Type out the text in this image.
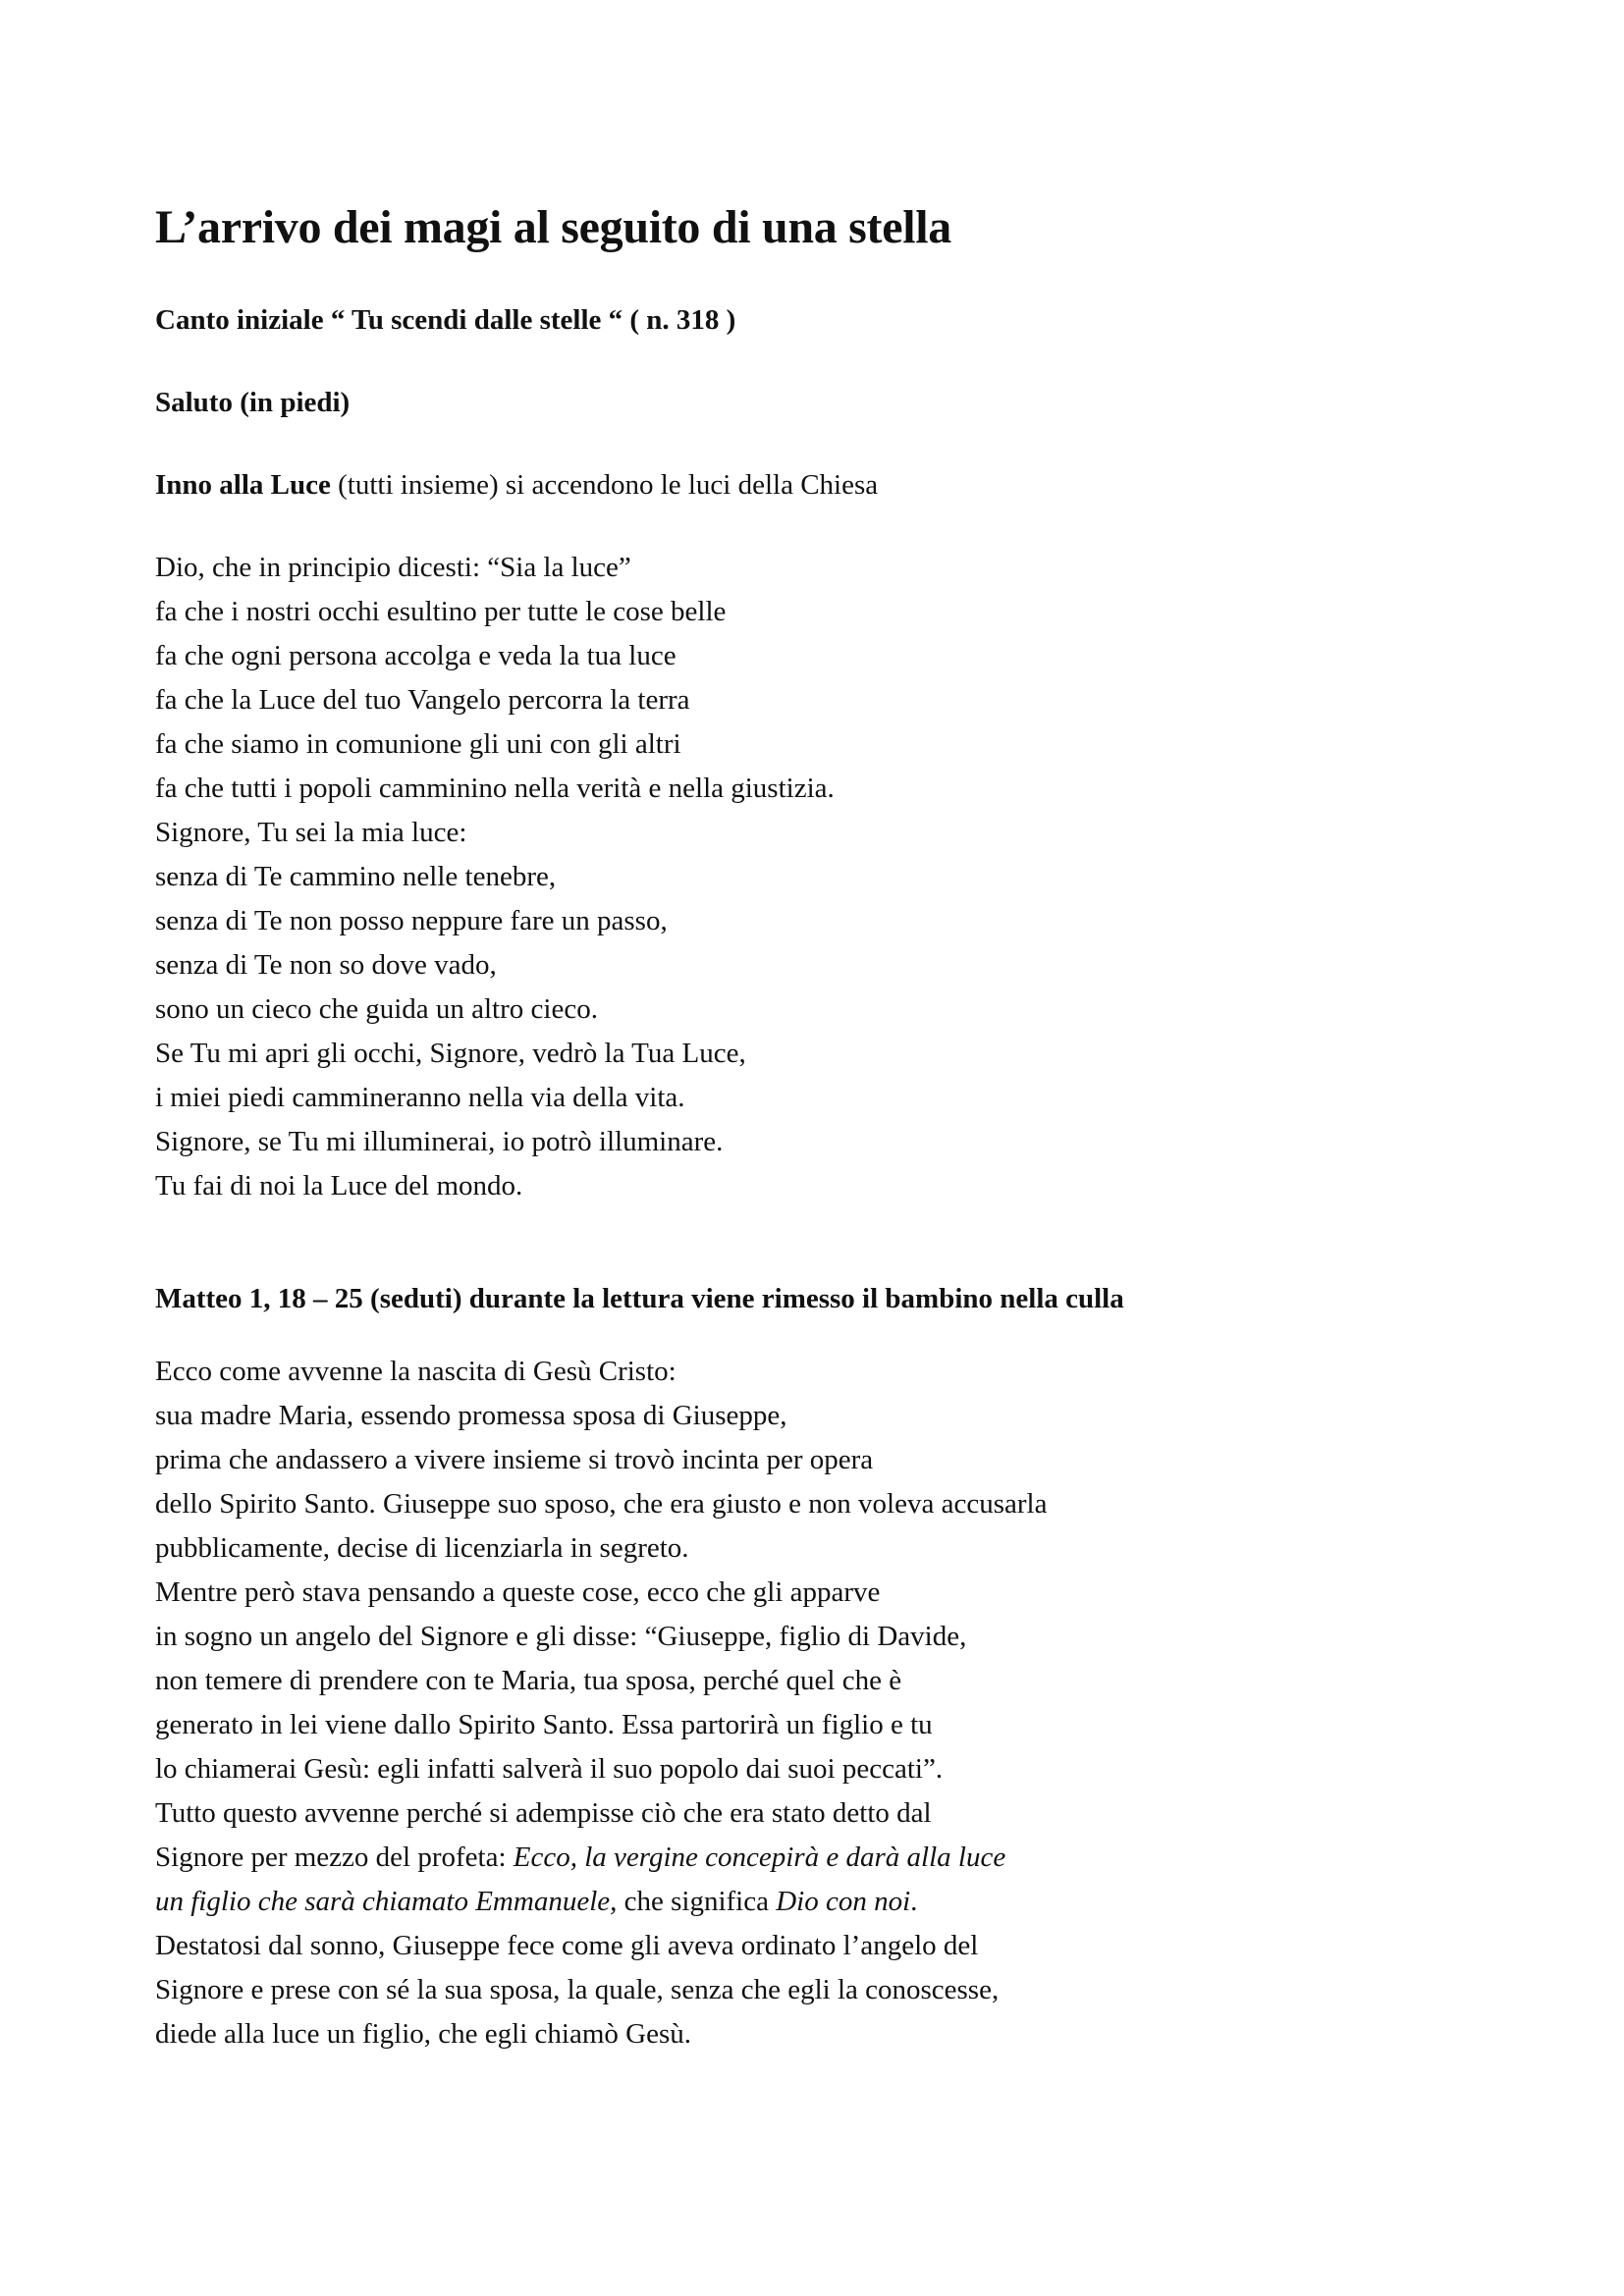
L’arrivo dei magi al seguito di una stella

Canto iniziale “ Tu scendi dalle stelle “ ( n. 318 )

Saluto (in piedi)

Inno alla Luce (tutti insieme) si accendono le luci della Chiesa

Dio, che in principio dicesti: “Sia la luce”

fa che i nostri occhi esultino per tutte le cose belle

fa che ogni persona accolga e veda la tua luce

fa che la Luce del tuo Vangelo percorra la terra

fa che siamo in comunione gli uni con gli altri

fa che tutti i popoli camminino nella verità e nella giustizia.

Signore, Tu sei la mia luce:

senza di Te cammino nelle tenebre,

senza di Te non posso neppure fare un passo,

senza di Te non so dove vado,

sono un cieco che guida un altro cieco.

Se Tu mi apri gli occhi, Signore, vedrò la Tua Luce,

i miei piedi cammineranno nella via della vita.

Signore, se Tu mi illuminerai, io potrò illuminare.

Tu fai di noi la Luce del mondo.

Matteo 1, 18 – 25 (seduti) durante la lettura viene rimesso il bambino nella culla

Ecco come avvenne la nascita di Gesù Cristo:

sua madre Maria, essendo promessa sposa di Giuseppe,

prima che andassero a vivere insieme si trovò incinta per opera

dello Spirito Santo. Giuseppe suo sposo, che era giusto e non voleva accusarla

pubblicamente, decise di licenziarla in segreto.

Mentre però stava pensando a queste cose, ecco che gli apparve

in sogno un angelo del Signore e gli disse: “Giuseppe, figlio di Davide,

non temere di prendere con te Maria, tua sposa, perché quel che è

generato in lei viene dallo Spirito Santo. Essa partorirà un figlio e tu

lo chiamerai Gesù: egli infatti salverà il suo popolo dai suoi peccati”.

Tutto questo avvenne perché si adempisse ciò che era stato detto dal

Signore per mezzo del profeta: Ecco, la vergine concepirà e darà alla luce

un figlio che sarà chiamato Emmanuele, che significa Dio con noi.

Destatosi dal sonno, Giuseppe fece come gli aveva ordinato l’angelo del

Signore e prese con sé la sua sposa, la quale, senza che egli la conoscesse,

diede alla luce un figlio, che egli chiamò Gesù.
